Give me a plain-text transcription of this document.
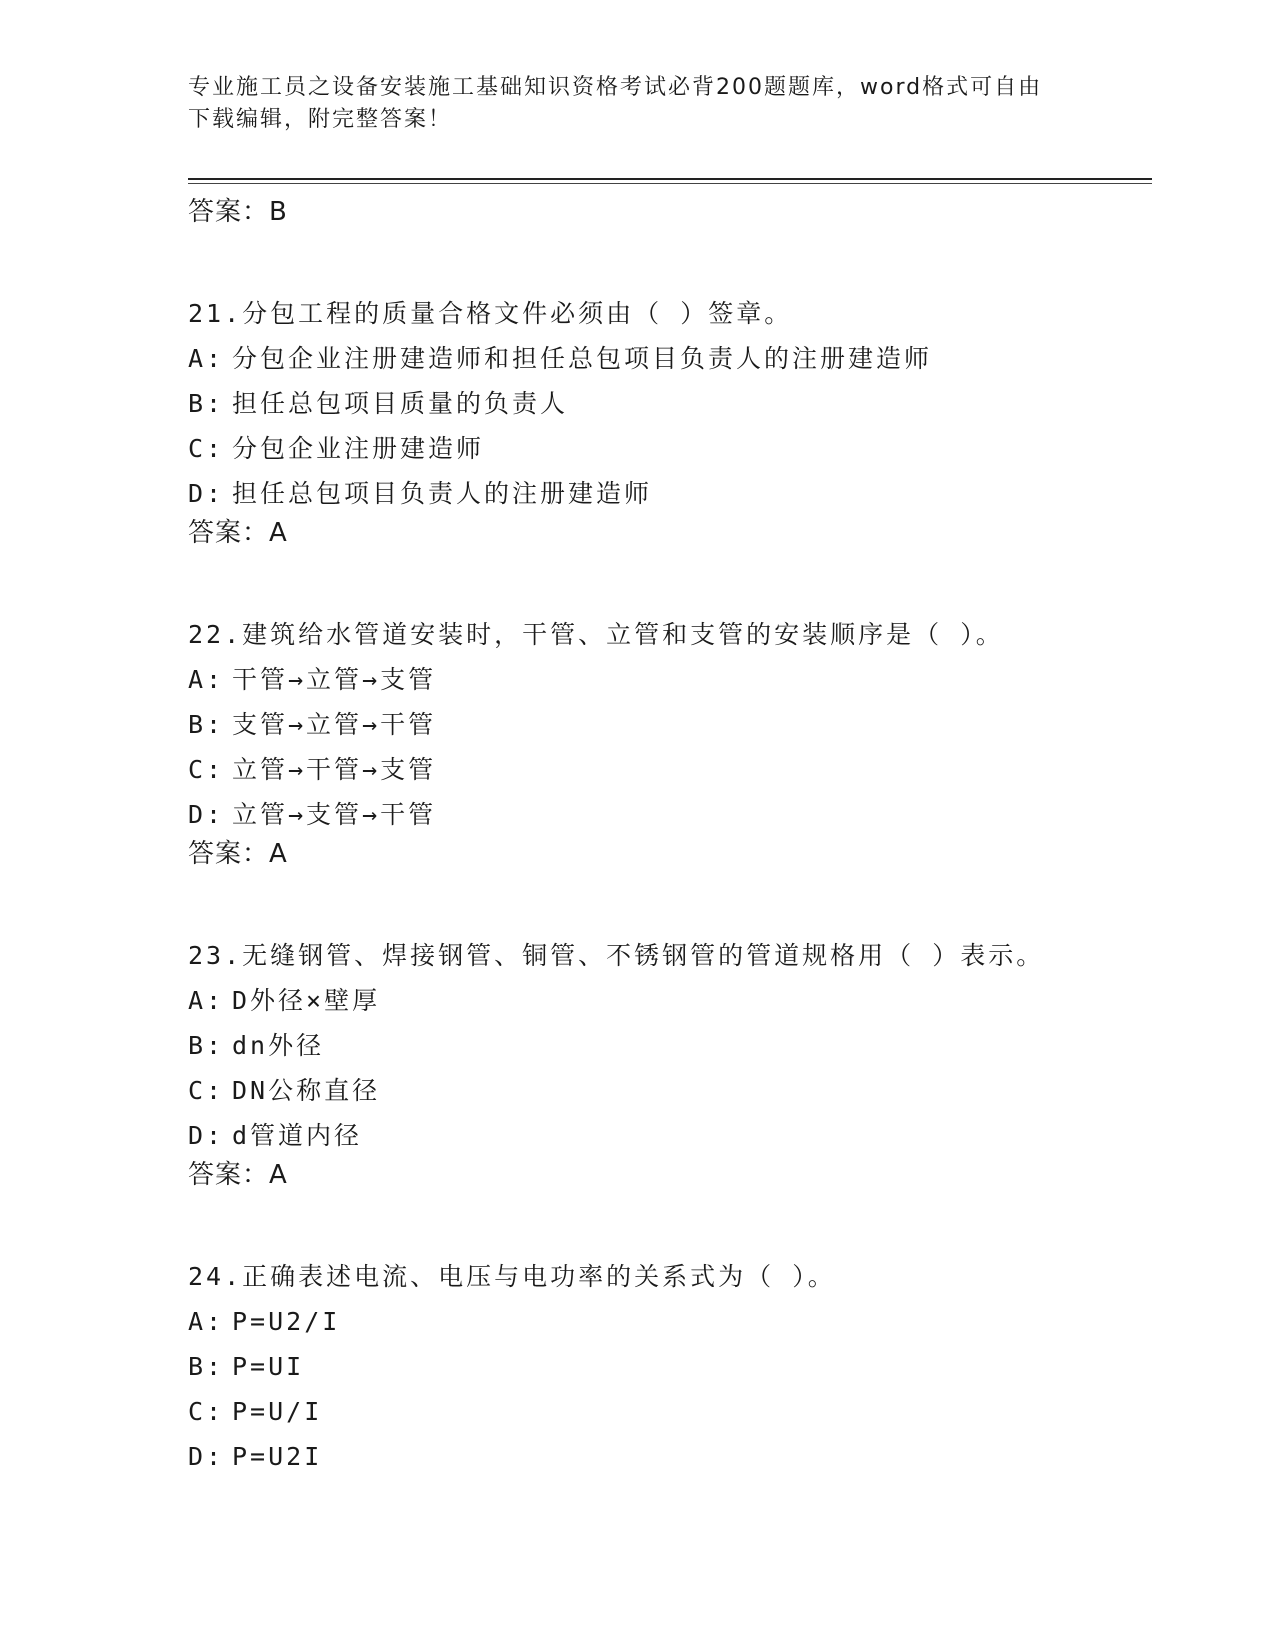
专业施工员之设备安装施工基础知识资格考试必背200题题库，word格式可自由
下载编辑，附完整答案！
答案：B
21.分包工程的质量合格文件必须由（ ）签章。
A: 分包企业注册建造师和担任总包项目负责人的注册建造师
B: 担任总包项目质量的负责人
C: 分包企业注册建造师
D: 担任总包项目负责人的注册建造师
答案：A
22.建筑给水管道安装时，干管、立管和支管的安装顺序是（ ）。
A: 干管→立管→支管
B: 支管→立管→干管
C: 立管→干管→支管
D: 立管→支管→干管
答案：A
23.无缝钢管、焊接钢管、铜管、不锈钢管的管道规格用（ ）表示。
A: D外径×壁厚
B: dn外径
C: DN公称直径
D: d管道内径
答案：A
24.正确表述电流、电压与电功率的关系式为（ ）。
A: P=U2/I
B: P=UI
C: P=U/I
D: P=U2I
